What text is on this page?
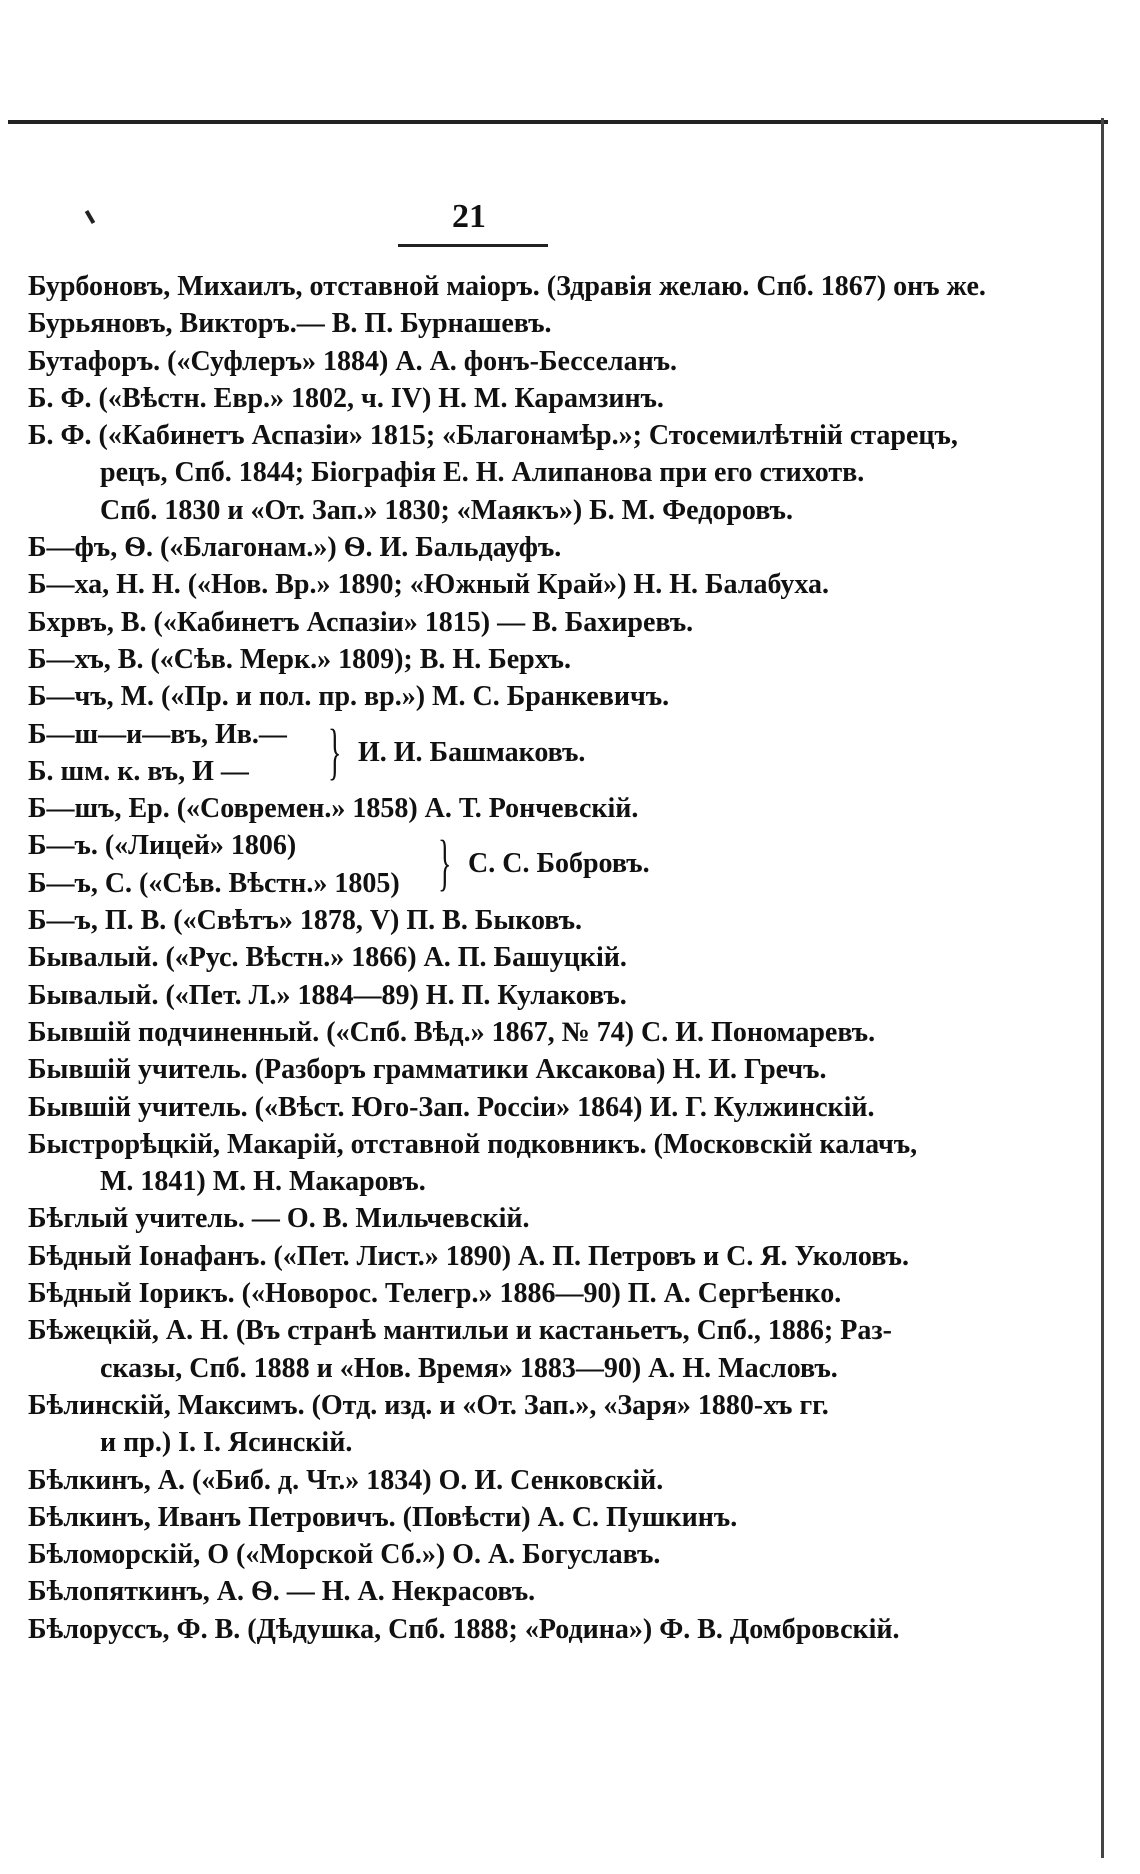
21
Бурбоновъ, Михаилъ, отставной маіоръ. (Здравія желаю. Спб. 1867) онъ же.
Бурьяновъ, Викторъ.— В. П. Бурнашевъ.
Бутафоръ. («Суфлеръ» 1884) А. А. фонъ-Бесселанъ.
Б. Ф. («Вѣстн. Евр.» 1802, ч. IV) Н. М. Карамзинъ.
Б. Ф. («Кабинетъ Аспазіи» 1815; «Благонамѣр.»; Стосемилѣтній старецъ,
рецъ, Спб. 1844; Біографія Е. Н. Алипанова при его стихотв.
Спб. 1830 и «От. Зап.» 1830; «Маякъ») Б. М. Федоровъ.
Б—фъ, Ѳ. («Благонам.») Ѳ. И. Бальдауфъ.
Б—ха, Н. Н. («Нов. Вр.» 1890; «Южный Край») Н. Н. Балабуха.
Бхрвъ, В. («Кабинетъ Аспазіи» 1815) — В. Бахиревъ.
Б—хъ, В. («Сѣв. Мерк.» 1809); В. Н. Берхъ.
Б—чъ, М. («Пр. и пол. пр. вр.») М. С. Бранкевичъ.
Б—ш—и—въ, Ив.—
Б. шм. к. въ, И — } И. И. Башмаковъ.
Б—шъ, Ер. («Современ.» 1858) А. Т. Рончевскій.
Б—ъ. («Лицей» 1806)
Б—ъ, С. («Сѣв. Вѣстн.» 1805) } С. С. Бобровъ.
Б—ъ, П. В. («Свѣтъ» 1878, V) П. В. Быковъ.
Бывалый. («Рус. Вѣстн.» 1866) А. П. Башуцкій.
Бывалый. («Пет. Л.» 1884—89) Н. П. Кулаковъ.
Бывшій подчиненный. («Спб. Вѣд.» 1867, № 74) С. И. Пономаревъ.
Бывшій учитель. (Разборъ грамматики Аксакова) Н. И. Гречъ.
Бывшій учитель. («Вѣст. Юго-Зап. Россіи» 1864) И. Г. Кулжинскій.
Быстрорѣцкій, Макарій, отставной подковникъ. (Московскій калачъ,
М. 1841) М. Н. Макаровъ.
Бѣглый учитель. — О. В. Мильчевскій.
Бѣдный Іонафанъ. («Пет. Лист.» 1890) А. П. Петровъ и С. Я. Уколовъ.
Бѣдный Іорикъ. («Новорос. Телегр.» 1886—90) П. А. Сергѣенко.
Бѣжецкій, А. Н. (Въ странѣ мантильи и кастаньетъ, Спб., 1886; Раз-
сказы, Спб. 1888 и «Нов. Время» 1883—90) А. Н. Масловъ.
Бѣлинскій, Максимъ. (Отд. изд. и «От. Зап.», «Заря» 1880-хъ гг.
и пр.) І. І. Ясинскій.
Бѣлкинъ, А. («Биб. д. Чт.» 1834) О. И. Сенковскій.
Бѣлкинъ, Иванъ Петровичъ. (Повѣсти) А. С. Пушкинъ.
Бѣломорскій, О («Морской Сб.») О. А. Богуславъ.
Бѣлопяткинъ, А. Ѳ. — Н. А. Некрасовъ.
Бѣлоруссъ, Ф. В. (Дѣдушка, Спб. 1888; «Родина») Ф. В. Домбровскій.
